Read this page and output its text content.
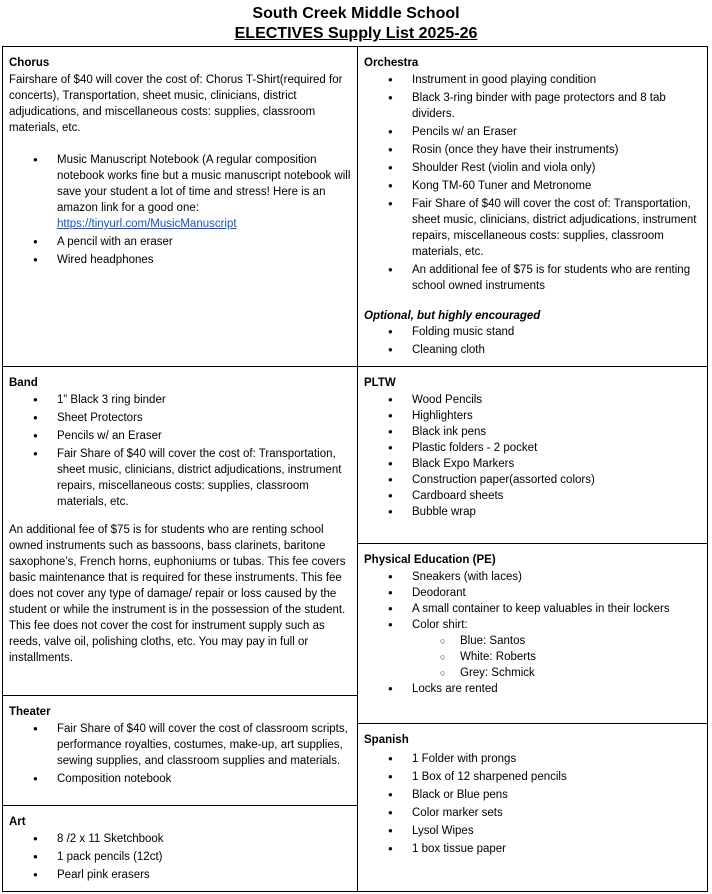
South Creek Middle School
ELECTIVES Supply List 2025-26
Chorus
Fairshare of $40 will cover the cost of: Chorus T-Shirt(required for concerts), Transportation, sheet music, clinicians, district adjudications, and miscellaneous costs: supplies, classroom materials, etc.
● Music Manuscript Notebook (A regular composition notebook works fine but a music manuscript notebook will save your student a lot of time and stress! Here is an amazon link for a good one:
https://tinyurl.com/MusicManuscript
● A pencil with an eraser
● Wired headphones
Band
● 1” Black 3 ring binder
● Sheet Protectors
● Pencils w/ an Eraser
● Fair Share of $40 will cover the cost of: Transportation, sheet music, clinicians, district adjudications, instrument repairs, miscellaneous costs: supplies, classroom materials, etc.
An additional fee of $75 is for students who are renting school owned instruments such as bassoons, bass clarinets, baritone saxophone’s, French horns, euphoniums or tubas. This fee covers basic maintenance that is required for these instruments. This fee does not cover any type of damage/ repair or loss caused by the student or while the instrument is in the possession of the student. This fee does not cover the cost for instrument supply such as reeds, valve oil, polishing cloths, etc. You may pay in full or installments.
Theater
● Fair Share of $40 will cover the cost of classroom scripts, performance royalties, costumes, make-up, art supplies, sewing supplies, and classroom supplies and materials.
● Composition notebook
Art
● 8 /2 x 11 Sketchbook
● 1 pack pencils (12ct)
● Pearl pink erasers
Orchestra
● Instrument in good playing condition
● Black 3-ring binder with page protectors and 8 tab dividers.
● Pencils w/ an Eraser
● Rosin (once they have their instruments)
● Shoulder Rest (violin and viola only)
● Kong TM-60 Tuner and Metronome
● Fair Share of $40 will cover the cost of: Transportation, sheet music, clinicians, district adjudications, instrument repairs, miscellaneous costs: supplies, classroom materials, etc.
● An additional fee of $75 is for students who are renting school owned instruments
Optional, but highly encouraged
● Folding music stand
● Cleaning cloth
PLTW
● Wood Pencils
● Highlighters
● Black ink pens
● Plastic folders - 2 pocket
● Black Expo Markers
● Construction paper(assorted colors)
● Cardboard sheets
● Bubble wrap
Physical Education (PE)
● Sneakers (with laces)
● Deodorant
● A small container to keep valuables in their lockers
● Color shirt:
○ Blue: Santos
○ White: Roberts
○ Grey: Schmick
● Locks are rented
Spanish
● 1 Folder with prongs
● 1 Box of 12 sharpened pencils
● Black or Blue pens
● Color marker sets
● Lysol Wipes
● 1 box tissue paper
